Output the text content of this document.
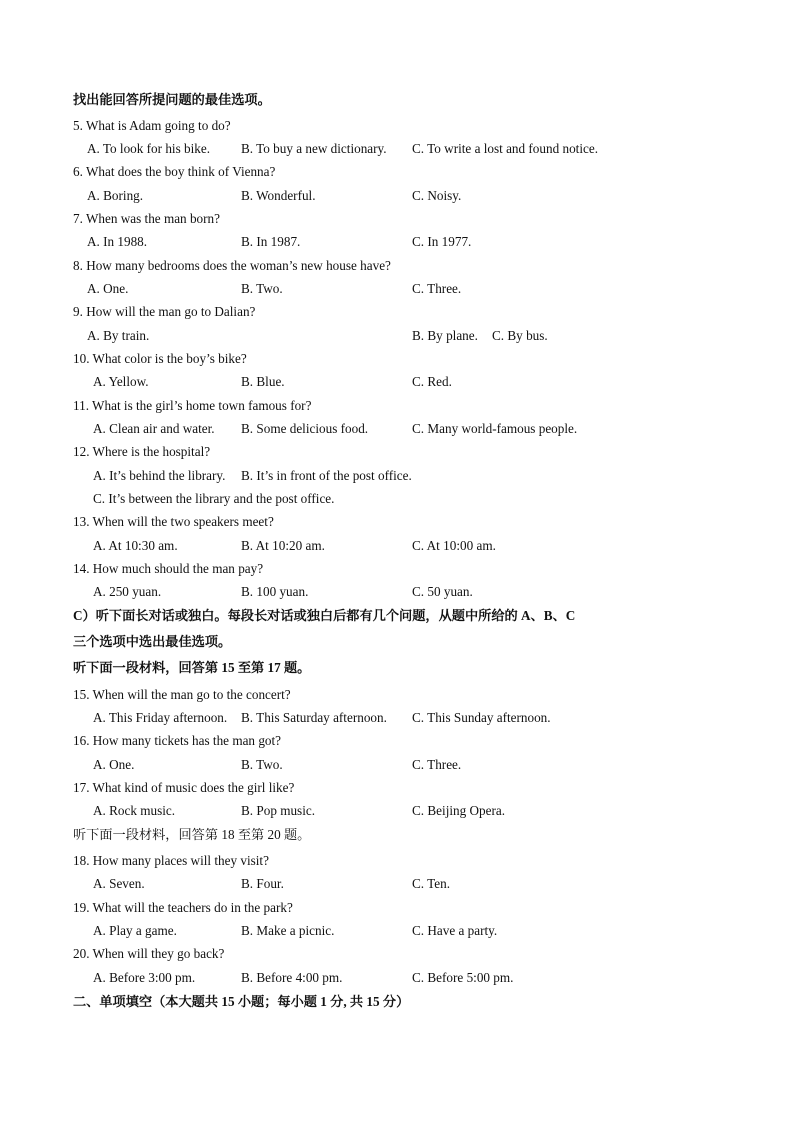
找出能回答所提问题的最佳选项。
5. What is Adam going to do?
A. To look for his bike. B. To buy a new dictionary. C. To write a lost and found notice.
6. What does the boy think of Vienna?
A. Boring.	B. Wonderful.	C. Noisy.
7. When was the man born?
A. In 1988.	B. In 1987.	C. In 1977.
8. How many bedrooms does the woman’s new house have?
A. One.	B. Two.	C. Three.
9. How will the man go to Dalian?
A. By train.	B. By plane. C. By bus.
10. What color is the boy’s bike?
A. Yellow.	B. Blue.	C. Red.
11. What is the girl’s home town famous for?
A. Clean air and water. B. Some delicious food.	C. Many world-famous people.
12. Where is the hospital?
A. It’s behind the library. B. It’s in front of the post office.
C. It’s between the library and the post office.
13. When will the two speakers meet?
A. At 10:30 am.	B. At 10:20 am.	C. At 10:00 am.
14. How much should the man pay?
A. 250 yuan.	B. 100 yuan.	C. 50 yuan.
C）听下面长对话或独白。每段长对话或独白后都有几个问题，从题中所给的 A、B、C
三个选项中选出最佳选项。
听下面一段材料，回答第 15 至第 17 题。
15. When will the man go to the concert?
A. This Friday afternoon. B. This Saturday afternoon. C. This Sunday afternoon.
16. How many tickets has the man got?
A. One.	B. Two.	C. Three.
17. What kind of music does the girl like?
A. Rock music.	B. Pop music.	C. Beijing Opera.
听下面一段材料，回答第 18 至第 20 题。
18. How many places will they visit?
A. Seven.	B. Four.	C. Ten.
19. What will the teachers do in the park?
A. Play a game.	B. Make a picnic.	C. Have a party.
20. When will they go back?
A. Before 3:00 pm.	B. Before 4:00 pm.	C. Before 5:00 pm.
二、单项填空（本大题共 15 小题；每小题 1 分, 共 15 分）
